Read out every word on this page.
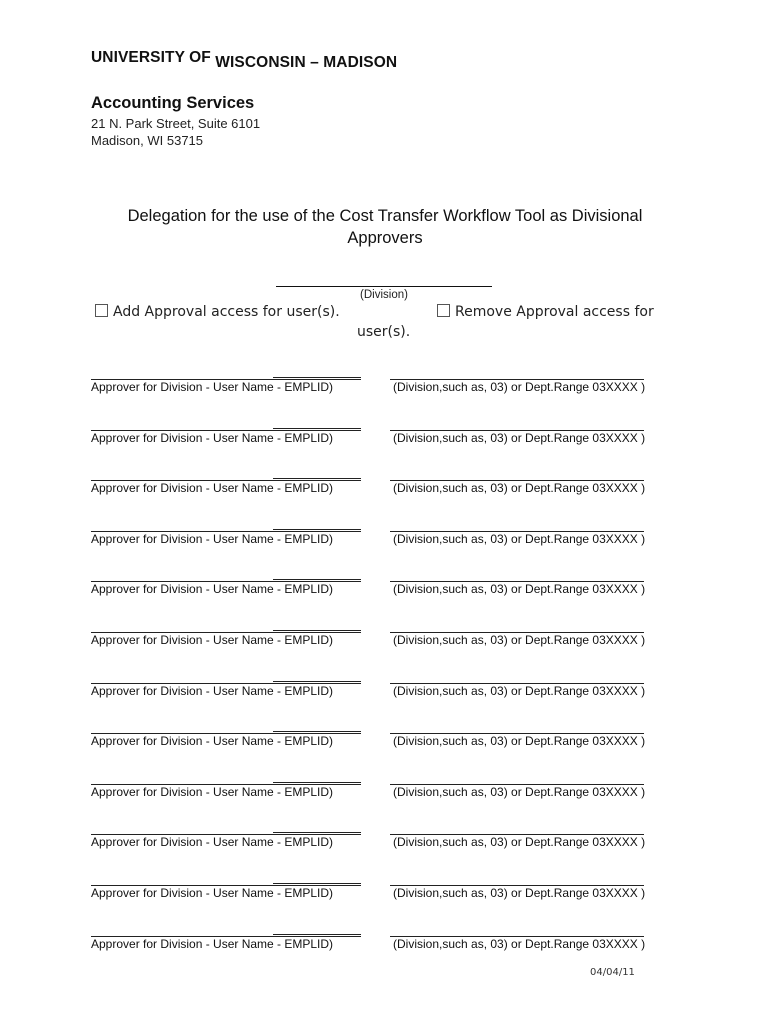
UNIVERSITY OF WISCONSIN – MADISON
Accounting Services
21 N. Park Street, Suite 6101
Madison, WI 53715
Delegation for the use of the Cost Transfer Workflow Tool as Divisional Approvers
(Division)
Add Approval access for user(s).	Remove Approval access for
user(s).
Approver for Division - User Name - EMPLID)	(Division,such as, 03) or Dept.Range 03XXXX )
Approver for Division - User Name - EMPLID)	(Division,such as, 03) or Dept.Range 03XXXX )
Approver for Division - User Name - EMPLID)	(Division,such as, 03) or Dept.Range 03XXXX )
Approver for Division - User Name - EMPLID)	(Division,such as, 03) or Dept.Range 03XXXX )
Approver for Division - User Name - EMPLID)	(Division,such as, 03) or Dept.Range 03XXXX )
Approver for Division - User Name - EMPLID)	(Division,such as, 03) or Dept.Range 03XXXX )
Approver for Division - User Name - EMPLID)	(Division,such as, 03) or Dept.Range 03XXXX )
Approver for Division - User Name - EMPLID)	(Division,such as, 03) or Dept.Range 03XXXX )
Approver for Division - User Name - EMPLID)	(Division,such as, 03) or Dept.Range 03XXXX )
Approver for Division - User Name - EMPLID)	(Division,such as, 03) or Dept.Range 03XXXX )
Approver for Division - User Name - EMPLID)	(Division,such as, 03) or Dept.Range 03XXXX )
Approver for Division - User Name - EMPLID)	(Division,such as, 03) or Dept.Range 03XXXX )
04/04/11
